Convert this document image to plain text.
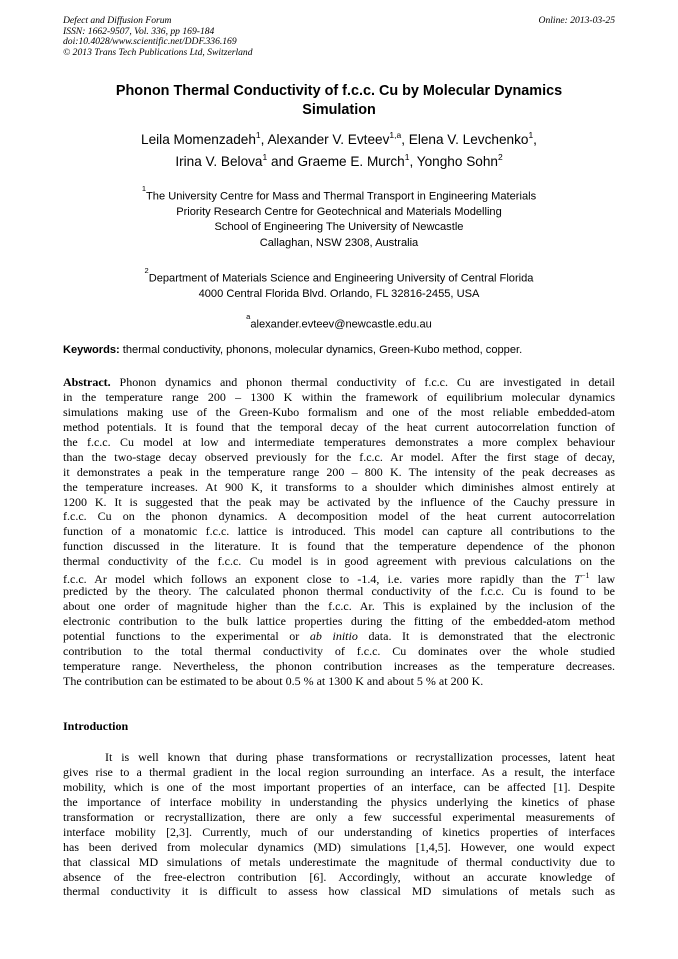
Defect and Diffusion Forum
ISSN: 1662-9507, Vol. 336, pp 169-184
doi:10.4028/www.scientific.net/DDF.336.169
© 2013 Trans Tech Publications Ltd, Switzerland
Online: 2013-03-25
Phonon Thermal Conductivity of f.c.c. Cu by Molecular Dynamics
Simulation
Leila Momenzadeh$^1$, Alexander V. Evteev$^{1,a}$, Elena V. Levchenko$^1$,
Irina V. Belova$^1$ and Graeme E. Murch$^1$, Yongho Sohn$^2$
$^1$The University Centre for Mass and Thermal Transport in Engineering Materials
Priority Research Centre for Geotechnical and Materials Modelling
School of Engineering The University of Newcastle
Callaghan, NSW 2308, Australia
$^2$Department of Materials Science and Engineering University of Central Florida
4000 Central Florida Blvd. Orlando, FL 32816-2455, USA
$^a$alexander.evteev@newcastle.edu.au
Keywords: thermal conductivity, phonons, molecular dynamics, Green-Kubo method, copper.
Abstract. Phonon dynamics and phonon thermal conductivity of f.c.c. Cu are investigated in detail
in the temperature range 200 – 1300 K within the framework of equilibrium molecular dynamics
simulations making use of the Green-Kubo formalism and one of the most reliable embedded-atom
method potentials. It is found that the temporal decay of the heat current autocorrelation function of
the f.c.c. Cu model at low and intermediate temperatures demonstrates a more complex behaviour
than the two-stage decay observed previously for the f.c.c. Ar model. After the first stage of decay,
it demonstrates a peak in the temperature range 200 – 800 K. The intensity of the peak decreases as
the temperature increases. At 900 K, it transforms to a shoulder which diminishes almost entirely at
1200 K. It is suggested that the peak may be activated by the influence of the Cauchy pressure in
f.c.c. Cu on the phonon dynamics. A decomposition model of the heat current autocorrelation
function of a monatomic f.c.c. lattice is introduced. This model can capture all contributions to the
function discussed in the literature. It is found that the temperature dependence of the phonon
thermal conductivity of the f.c.c. Cu model is in good agreement with previous calculations on the
f.c.c. Ar model which follows an exponent close to -1.4, i.e. varies more rapidly than the $T^{-1}$ law
predicted by the theory. The calculated phonon thermal conductivity of the f.c.c. Cu is found to be
about one order of magnitude higher than the f.c.c. Ar. This is explained by the inclusion of the
electronic contribution to the bulk lattice properties during the fitting of the embedded-atom method
potential functions to the experimental or ab initio data. It is demonstrated that the electronic
contribution to the total thermal conductivity of f.c.c. Cu dominates over the whole studied
temperature range. Nevertheless, the phonon contribution increases as the temperature decreases.
The contribution can be estimated to be about 0.5 % at 1300 K and about 5 % at 200 K.
Introduction
It is well known that during phase transformations or recrystallization processes, latent heat
gives rise to a thermal gradient in the local region surrounding an interface. As a result, the interface
mobility, which is one of the most important properties of an interface, can be affected [1]. Despite
the importance of interface mobility in understanding the physics underlying the kinetics of phase
transformation or recrystallization, there are only a few successful experimental measurements of
interface mobility [2,3]. Currently, much of our understanding of kinetics properties of interfaces
has been derived from molecular dynamics (MD) simulations [1,4,5]. However, one would expect
that classical MD simulations of metals underestimate the magnitude of thermal conductivity due to
absence of the free-electron contribution [6]. Accordingly, without an accurate knowledge of
thermal conductivity it is difficult to assess how classical MD simulations of metals such as
